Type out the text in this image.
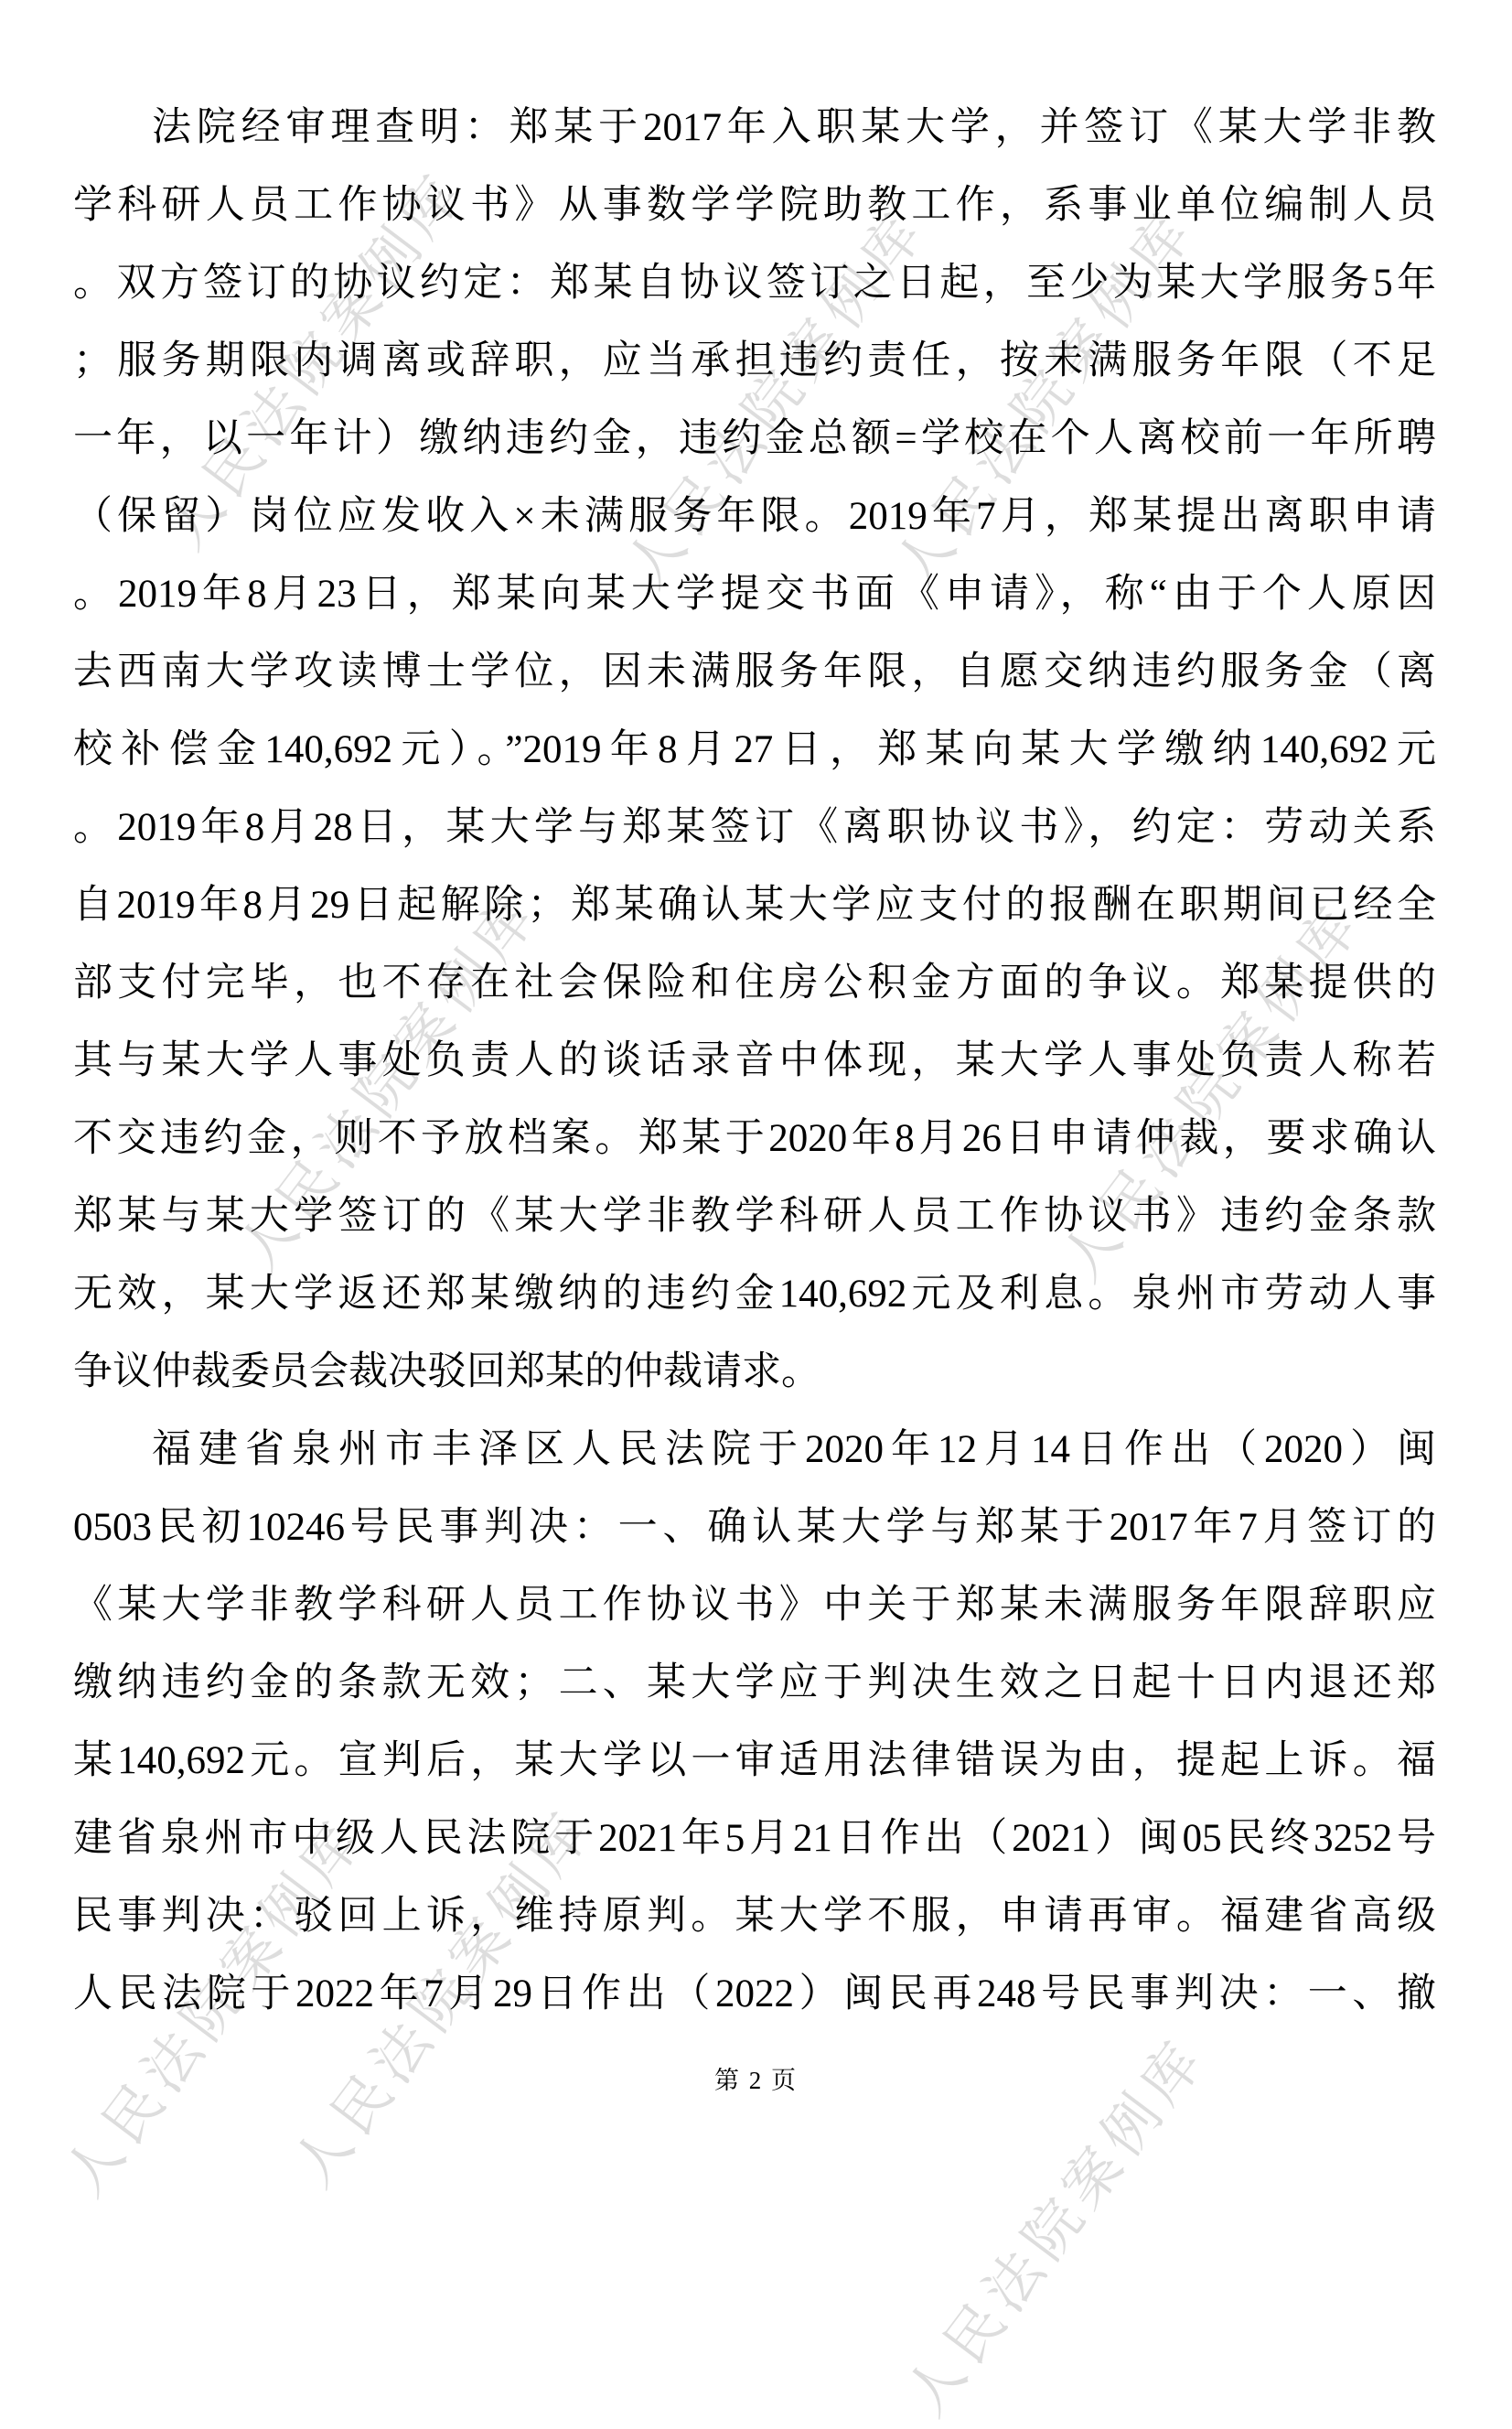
人民法院案例库 人民法院案例库
人民法院案例库
人民法院案例库	人民法院案例库
人民法院案例库
人民法院案例库
人民法院案例库
法院经审理查明：郑某于2017年入职某大学，并签订《某大学非教
学科研人员工作协议书》从事数学学院助教工作，系事业单位编制人员
。双方签订的协议约定：郑某自协议签订之日起，至少为某大学服务5年
；服务期限内调离或辞职，应当承担违约责任，按未满服务年限（不足
一年，以一年计）缴纳违约金，违约金总额=学校在个人离校前一年所聘
（保留）岗位应发收入×未满服务年限。2019年7月，郑某提出离职申请
。2019年8月23日，郑某向某大学提交书面《申请》，称“由于个人原因
去西南大学攻读博士学位，因未满服务年限，自愿交纳违约服务金（离
校补偿金140,692元）。”2019年8月27日，郑某向某大学缴纳140,692元
。2019年8月28日，某大学与郑某签订《离职协议书》，约定：劳动关系
自2019年8月29日起解除；郑某确认某大学应支付的报酬在职期间已经全
部支付完毕，也不存在社会保险和住房公积金方面的争议。郑某提供的
其与某大学人事处负责人的谈话录音中体现，某大学人事处负责人称若
不交违约金，则不予放档案。郑某于2020年8月26日申请仲裁，要求确认
郑某与某大学签订的《某大学非教学科研人员工作协议书》违约金条款
无效，某大学返还郑某缴纳的违约金140,692元及利息。泉州市劳动人事
争议仲裁委员会裁决驳回郑某的仲裁请求。
福建省泉州市丰泽区人民法院于2020年12月14日作出（2020）闽
0503民初10246号民事判决：一、确认某大学与郑某于2017年7月签订的
《某大学非教学科研人员工作协议书》中关于郑某未满服务年限辞职应
缴纳违约金的条款无效；二、某大学应于判决生效之日起十日内退还郑
某140,692元。宣判后，某大学以一审适用法律错误为由，提起上诉。福
建省泉州市中级人民法院于2021年5月21日作出（2021）闽05民终3252号
民事判决：驳回上诉，维持原判。某大学不服，申请再审。福建省高级
人民法院于2022年7月29日作出（2022）闽民再248号民事判决：一、撤
第 2 页
